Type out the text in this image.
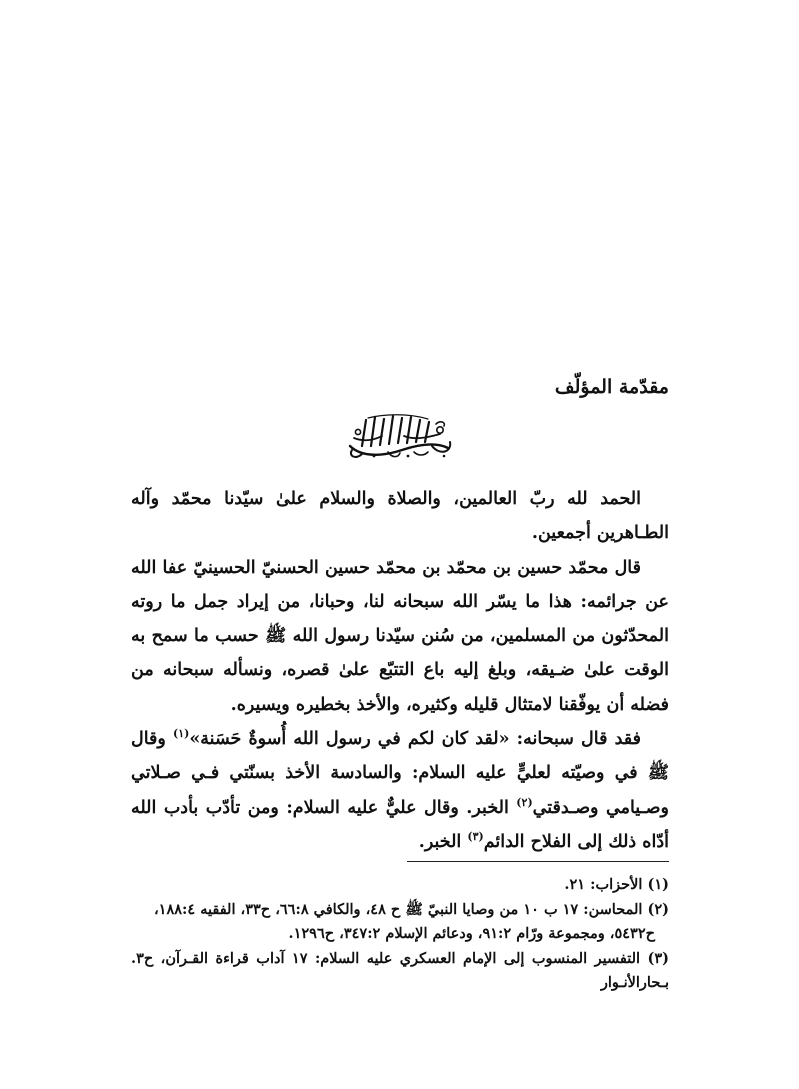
مقدّمة المؤلّف

الحمد لله ربّ العالمين، والصلاة والسلام علىٰ سيّدنا محمّد وآله الطـاهرين أجمعين.

قال محمّد حسين بن محمّد بن محمّد حسين الحسنيّ الحسينيّ عفا الله عن جرائمه: هذا ما يسّر الله سبحانه لنا، وحبانا، من إيراد جمل ما روته المحدّثون من المسلمين، من سُنن سيّدنا رسول الله ﷺ حسب ما سمح به الوقت علىٰ ضـيقه، وبلغ إليه باع التتبّع علىٰ قصره، ونسأله سبحانه من فضله أن يوفّقنا لامتثال قليله وكثيره، والأخذ بخطيره ويسيره.

فقد قال سبحانه: «لقد كان لكم في رسول الله أُسوةٌ حَسَنة»$^{(١)}$ وقال ﷺ في وصيّته لعليٍّ عليه السلام: والسادسة الأخذ بسنّتي فـي صـلاتي وصـيامي وصـدقتي$^{(٢)}$ الخبر. وقال عليٌّ عليه السلام: ومن تأدّب بأدب الله أدّاه ذلك إلى الفلاح الدائم$^{(٣)}$ الخبر.

(١) الأحزاب: ٢١.

(٢) المحاسن: ١٧ ب ١٠ من وصايا النبيّ ﷺ ح ٤٨، والكافي ٦٦:٨، ح٣٣، الفقيه ١٨٨:٤،

ح٥٤٣٢، ومجموعة ورّام ٩١:٢، ودعائم الإسلام ٣٤٧:٢، ح١٢٩٦.

(٣) التفسير المنسوب إلى الإمام العسكري عليه السلام: ١٧ آداب قراءة القـرآن، ح٣. بـحارالأنـوار
